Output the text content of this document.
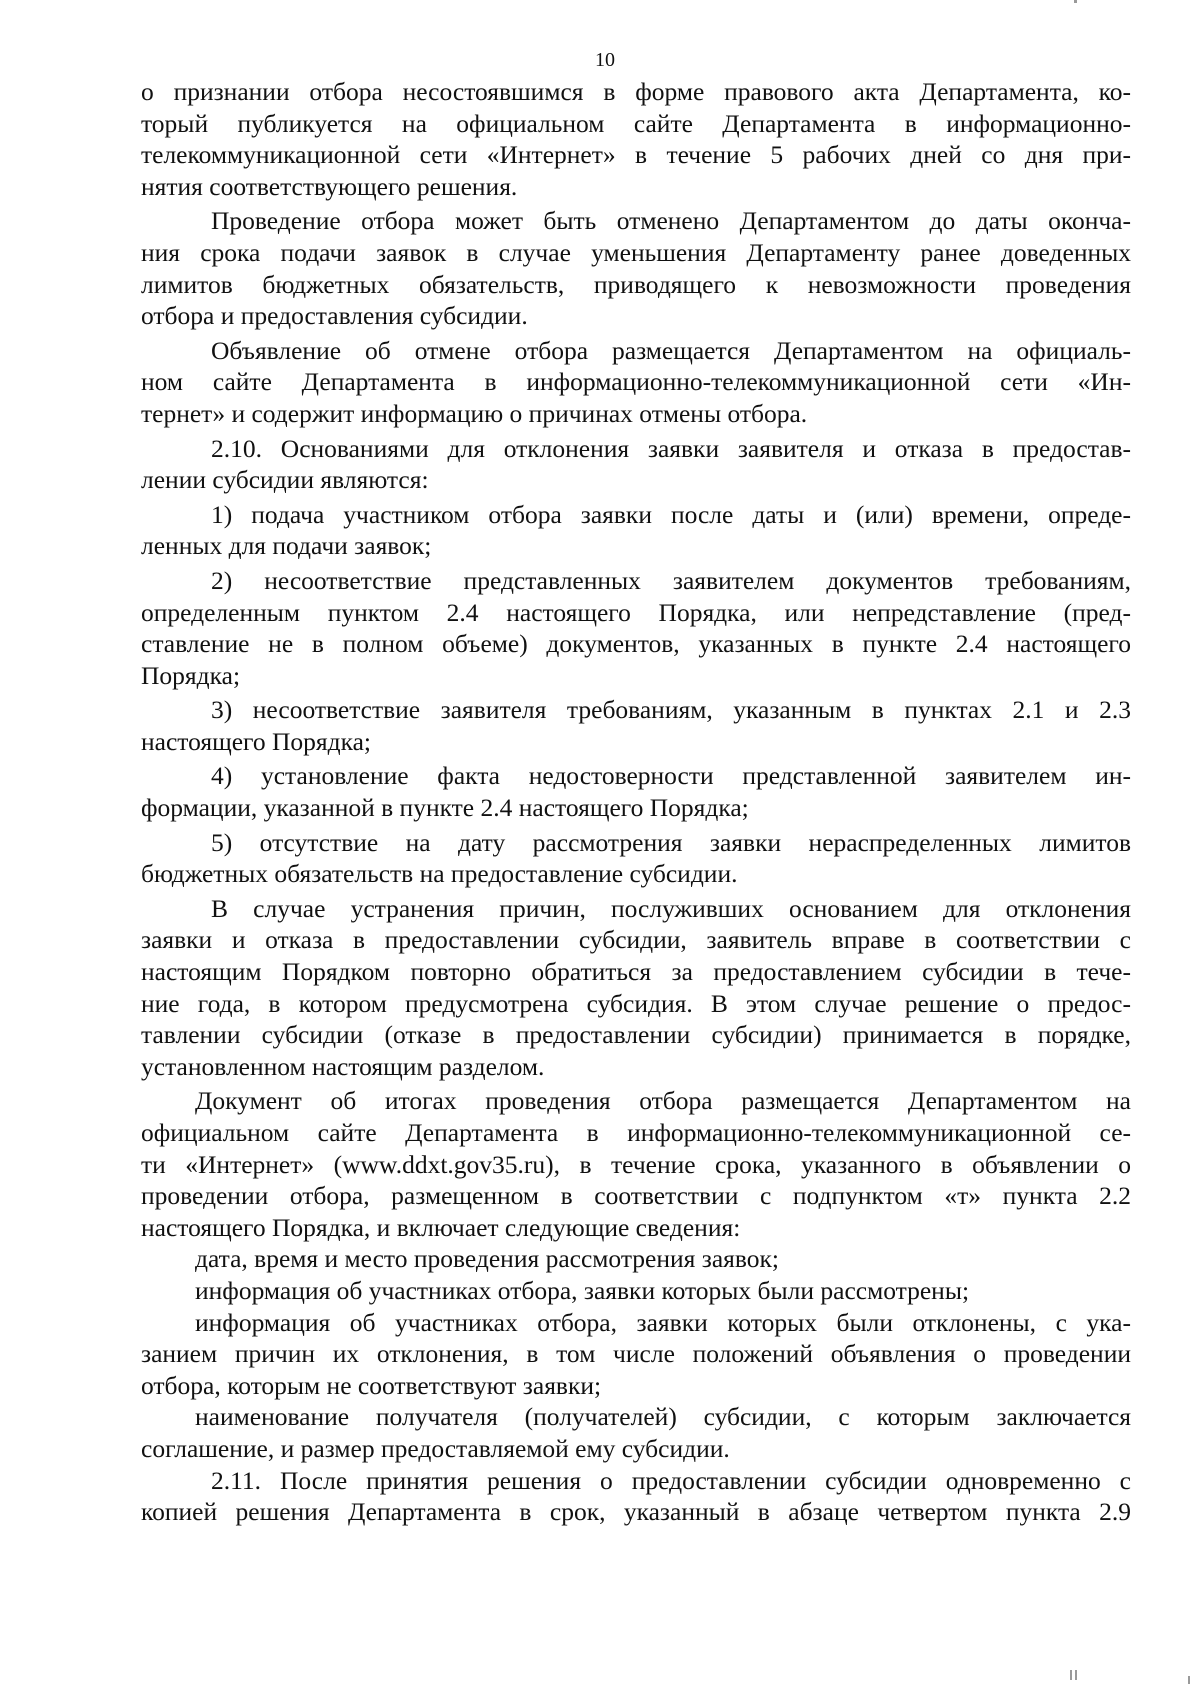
10
о признании отбора несостоявшимся в форме правового акта Департамента, ко-
торый публикуется на официальном сайте Департамента в информационно-
телекоммуникационной сети «Интернет» в течение 5 рабочих дней со дня при-
нятия соответствующего решения.
Проведение отбора может быть отменено Департаментом до даты оконча-
ния срока подачи заявок в случае уменьшения Департаменту ранее доведенных
лимитов бюджетных обязательств, приводящего к невозможности проведения
отбора и предоставления субсидии.
Объявление об отмене отбора размещается Департаментом на официаль-
ном сайте Департамента в информационно-телекоммуникационной сети «Ин-
тернет» и содержит информацию о причинах отмены отбора.
2.10. Основаниями для отклонения заявки заявителя и отказа в предостав-
лении субсидии являются:
1) подача участником отбора заявки после даты и (или) времени, опреде-
ленных для подачи заявок;
2) несоответствие представленных заявителем документов требованиям,
определенным пунктом 2.4 настоящего Порядка, или непредставление (пред-
ставление не в полном объеме) документов, указанных в пункте 2.4 настоящего
Порядка;
3) несоответствие заявителя требованиям, указанным в пунктах 2.1 и 2.3
настоящего Порядка;
4) установление факта недостоверности представленной заявителем ин-
формации, указанной в пункте 2.4 настоящего Порядка;
5) отсутствие на дату рассмотрения заявки нераспределенных лимитов
бюджетных обязательств на предоставление субсидии.
В случае устранения причин, послуживших основанием для отклонения
заявки и отказа в предоставлении субсидии, заявитель вправе в соответствии с
настоящим Порядком повторно обратиться за предоставлением субсидии в тече-
ние года, в котором предусмотрена субсидия. В этом случае решение о предос-
тавлении субсидии (отказе в предоставлении субсидии) принимается в порядке,
установленном настоящим разделом.
Документ об итогах проведения отбора размещается Департаментом на
официальном сайте Департамента в информационно-телекоммуникационной се-
ти «Интернет» (www.ddxt.gov35.ru), в течение срока, указанного в объявлении о
проведении отбора, размещенном в соответствии с подпунктом «т» пункта 2.2
настоящего Порядка, и включает следующие сведения:
дата, время и место проведения рассмотрения заявок;
информация об участниках отбора, заявки которых были рассмотрены;
информация об участниках отбора, заявки которых были отклонены, с ука-
занием причин их отклонения, в том числе положений объявления о проведении
отбора, которым не соответствуют заявки;
наименование получателя (получателей) субсидии, с которым заключается
соглашение, и размер предоставляемой ему субсидии.
2.11. После принятия решения о предоставлении субсидии одновременно с
копией решения Департамента в срок, указанный в абзаце четвертом пункта 2.9
